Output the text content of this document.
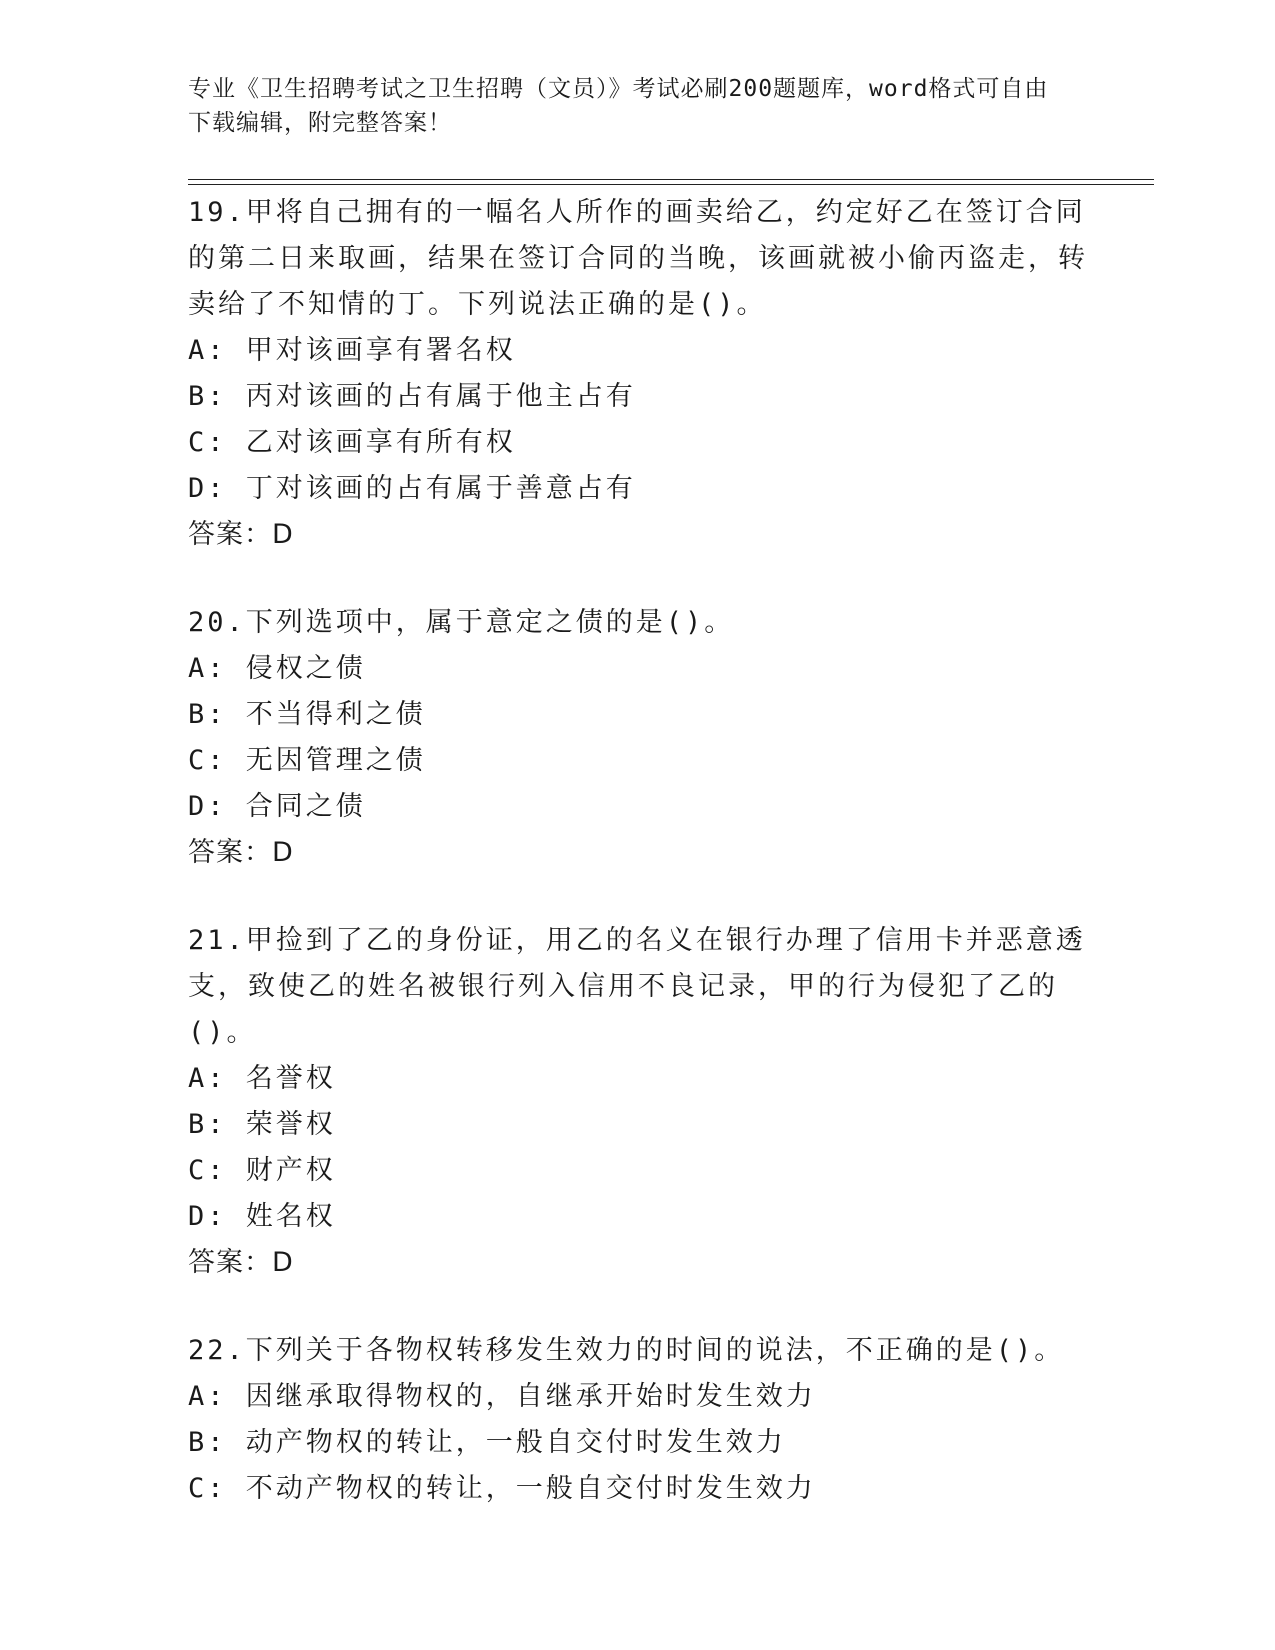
专业《卫生招聘考试之卫生招聘（文员）》考试必刷200题题库，word格式可自由下载编辑，附完整答案！

19.甲将自己拥有的一幅名人所作的画卖给乙，约定好乙在签订合同的第二日来取画，结果在签订合同的当晚，该画就被小偷丙盗走，转卖给了不知情的丁。下列说法正确的是()。

A: 甲对该画享有署名权

B: 丙对该画的占有属于他主占有

C: 乙对该画享有所有权

D: 丁对该画的占有属于善意占有

答案：D

20.下列选项中，属于意定之债的是()。

A: 侵权之债

B: 不当得利之债

C: 无因管理之债

D: 合同之债

答案：D

21.甲捡到了乙的身份证，用乙的名义在银行办理了信用卡并恶意透支，致使乙的姓名被银行列入信用不良记录，甲的行为侵犯了乙的()。

A: 名誉权

B: 荣誉权

C: 财产权

D: 姓名权

答案：D

22.下列关于各物权转移发生效力的时间的说法，不正确的是()。

A: 因继承取得物权的，自继承开始时发生效力

B: 动产物权的转让，一般自交付时发生效力

C: 不动产物权的转让，一般自交付时发生效力
